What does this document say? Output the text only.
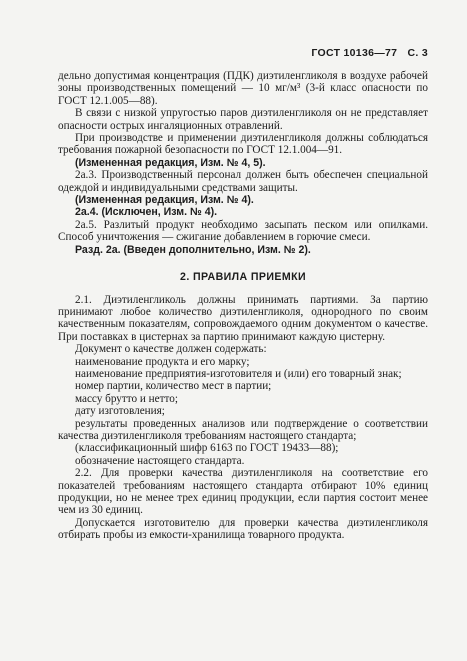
ГОСТ 10136—77 С. 3

дельно допустимая концентрация (ПДК) диэтиленгликоля в воздухе рабочей зоны производственных помещений — 10 мг/м³ (3-й класс опасности по ГОСТ 12.1.005—88).

В связи с низкой упругостью паров диэтиленгликоля он не представляет опасности острых ингаляционных отравлений.

При производстве и применении диэтиленгликоля должны соблюдаться требования пожарной безопасности по ГОСТ 12.1.004—91.

(Измененная редакция, Изм. № 4, 5).

2а.3. Производственный персонал должен быть обеспечен специальной одеждой и индивидуальными средствами защиты.

(Измененная редакция, Изм. № 4).

2а.4. (Исключен, Изм. № 4).

2а.5. Разлитый продукт необходимо засыпать песком или опилками. Способ уничтожения — сжигание добавлением в горючие смеси.

Разд. 2а. (Введен дополнительно, Изм. № 2).

2. ПРАВИЛА ПРИЕМКИ

2.1. Диэтиленгликоль должны принимать партиями. За партию принимают любое количество диэтиленгликоля, однородного по своим качественным показателям, сопровождаемого одним документом о качестве. При поставках в цистернах за партию принимают каждую цистерну.

Документ о качестве должен содержать:

наименование продукта и его марку;

наименование предприятия-изготовителя и (или) его товарный знак;

номер партии, количество мест в партии;

массу брутто и нетто;

дату изготовления;

результаты проведенных анализов или подтверждение о соответствии качества диэтиленгликоля требованиям настоящего стандарта;

(классификационный шифр 6163 по ГОСТ 19433—88);

обозначение настоящего стандарта.

2.2. Для проверки качества диэтиленгликоля на соответствие его показателей требованиям настоящего стандарта отбирают 10% единиц продукции, но не менее трех единиц продукции, если партия состоит менее чем из 30 единиц.

Допускается изготовителю для проверки качества диэтиленгликоля отбирать пробы из емкости-хранилища товарного продукта.
